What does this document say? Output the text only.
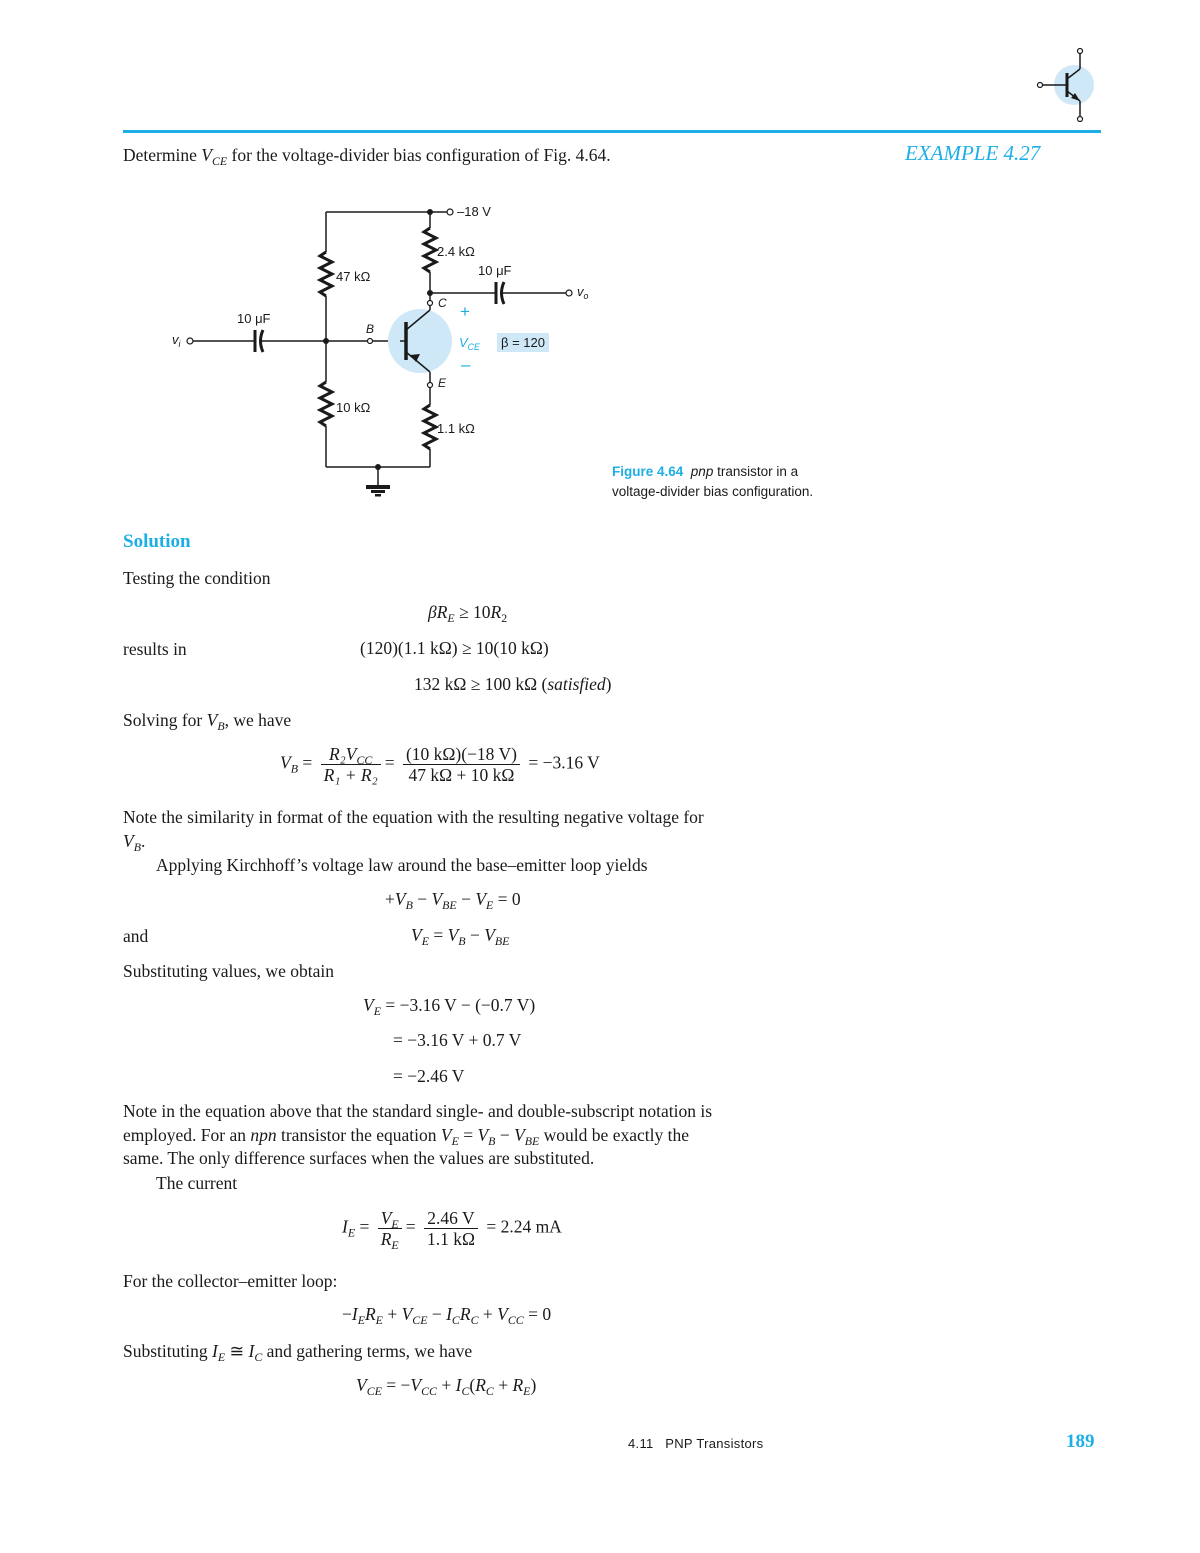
Determine $V_{CE}$ for the voltage-divider bias configuration of Fig. 4.64.	EXAMPLE 4.27
–18 V
2.4 kΩ
47 kΩ
10 kΩ
1.1 kΩ
10 μF
10 μF
$v_i$
$v_o$
B
C
E
+
–
$V_{CE}$	β = 120
Figure 4.64 pnp transistor in a
voltage-divider bias configuration.
Solution
Testing the condition
$\beta R_E \ge 10R_2$
results in	(120)(1.1 kΩ) ≥ 10(10 kΩ)
132 kΩ ≥ 100 kΩ (satisfied)
Solving for $V_B$, we have
$V_B = \frac{R_2V_{CC}}{\text{R₁ + R₂}} = \frac{(10 k\Omega)(-18 V)}{47 k\Omega + 10 k\Omega} = -3.16$ V
Note the similarity in format of the equation with the resulting negative voltage for
$V_B$.
Applying Kirchhoff’s voltage law around the base–emitter loop yields
$+V_B - V_{BE} - V_E = 0$
and	$V_E = V_B - V_{BE}$
Substituting values, we obtain
$V_E = -3.16$ V − (−0.7 V)
= −3.16 V + 0.7 V
= −2.46 V
Note in the equation above that the standard single- and double-subscript notation is
employed. For an npn transistor the equation $V_E = V_B - V_{BE}$ would be exactly the
same. The only difference surfaces when the values are substituted.
The current
$I_E = \frac{V_E}{R_E} = \frac{2.46 V}{1.1 k\Omega} = 2.24$ mA
For the collector–emitter loop:
$-I_ER_E + V_{CE} - I_CR_C + V_{CC} = 0$
Substituting $I_E$ ≅ $I_C$ and gathering terms, we have
$V_{CE} = -V_{CC} + I_C(R_C + R_E)$
4.11   PNP Transistors	189
